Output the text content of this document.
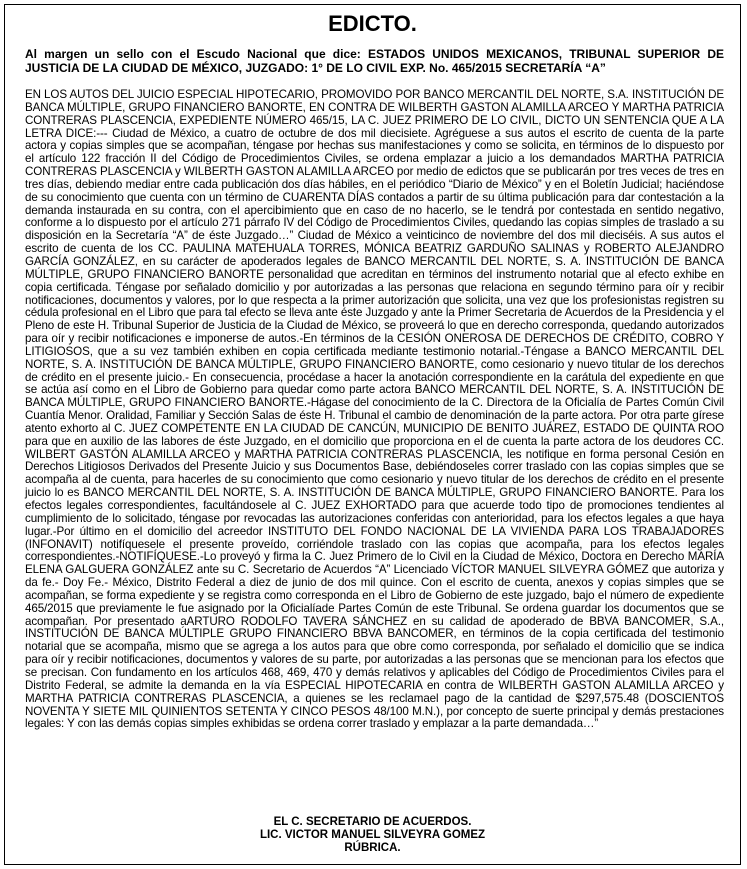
EDICTO.
Al margen un sello con el Escudo Nacional que dice: ESTADOS UNIDOS MEXICANOS, TRIBUNAL SUPERIOR DE JUSTICIA DE LA CIUDAD DE MÉXICO, JUZGADO: 1° DE LO CIVIL EXP. No. 465/2015 SECRETARÍA “A”
EN LOS AUTOS DEL JUICIO ESPECIAL HIPOTECARIO, PROMOVIDO POR BANCO MERCANTIL DEL NORTE, S.A. INSTITUCIÓN DE BANCA MÚLTIPLE, GRUPO FINANCIERO BANORTE, EN CONTRA DE WILBERTH GASTON ALAMILLA ARCEO Y MARTHA PATRICIA CONTRERAS PLASCENCIA, EXPEDIENTE NÚMERO 465/15, LA C. JUEZ PRIMERO DE LO CIVIL, DICTO UN SENTENCIA QUE A LA LETRA DICE:--- Ciudad de México, a cuatro de octubre de dos mil diecisiete. Agréguese a sus autos el escrito de cuenta de la parte actora y copias simples que se acompañan, téngase por hechas sus manifestaciones y como se solicita, en términos de lo dispuesto por el artículo 122 fracción II del Código de Procedimientos Civiles, se ordena emplazar a juicio a los demandados MARTHA PATRICIA CONTRERAS PLASCENCIA y WILBERTH GASTON ALAMILLA ARCEO por medio de edictos que se publicarán por tres veces de tres en tres días, debiendo mediar entre cada publicación dos días hábiles, en el periódico “Diario de México” y en el Boletín Judicial; haciéndose de su conocimiento que cuenta con un término de CUARENTA DÍAS contados a partir de su última publicación para dar contestación a la demanda instaurada en su contra, con el apercibimiento que en caso de no hacerlo, se le tendrá por contestada en sentido negativo, conforme a lo dispuesto por el artículo 271 párrafo IV del Código de Procedimientos Civiles, quedando las copias simples de traslado a su disposición en la Secretaría “A” de éste Juzgado…” Ciudad de México a veinticinco de noviembre del dos mil dieciséis. A sus autos el escrito de cuenta de los CC. PAULINA MATEHUALA TORRES, MÓNICA BEATRIZ GARDUÑO SALINAS y ROBERTO ALEJANDRO GARCÍA GONZÁLEZ, en su carácter de apoderados legales de BANCO MERCANTIL DEL NORTE, S. A. INSTITUCIÓN DE BANCA MÚLTIPLE, GRUPO FINANCIERO BANORTE personalidad que acreditan en términos del instrumento notarial que al efecto exhibe en copia certificada. Téngase por señalado domicilio y por autorizadas a las personas que relaciona en segundo término para oír y recibir notificaciones, documentos y valores, por lo que respecta a la primer autorización que solicita, una vez que los profesionistas registren su cédula profesional en el Libro que para tal efecto se lleva ante éste Juzgado y ante la Primer Secretaria de Acuerdos de la Presidencia y el Pleno de este H. Tribunal Superior de Justicia de la Ciudad de México, se proveerá lo que en derecho corresponda, quedando autorizados para oír y recibir notificaciones e imponerse de autos.-En términos de la CESIÓN ONEROSA DE DERECHOS DE CRÉDITO, COBRO Y LITIGIOSOS, que a su vez también exhiben en copia certificada mediante testimonio notarial.-Téngase a BANCO MERCANTIL DEL NORTE, S. A. INSTITUCIÓN DE BANCA MÚLTIPLE, GRUPO FINANCIERO BANORTE, como cesionario y nuevo titular de los derechos de crédito en el presente juicio.- En consecuencia, procédase a hacer la anotación correspondiente en la carátula del expediente en que se actúa así como en el Libro de Gobierno para quedar como parte actora BANCO MERCANTIL DEL NORTE, S. A. INSTITUCIÓN DE BANCA MÚLTIPLE, GRUPO FINANCIERO BANORTE.-Hágase del conocimiento de la C. Directora de la Oficialía de Partes Común Civil Cuantía Menor. Oralidad, Familiar y Sección Salas de éste H. Tribunal el cambio de denominación de la parte actora. Por otra parte gírese atento exhorto al C. JUEZ COMPETENTE EN LA CIUDAD DE CANCÚN, MUNICIPIO DE BENITO JUÁREZ, ESTADO DE QUINTA ROO para que en auxilio de las labores de éste Juzgado, en el domicilio que proporciona en el de cuenta la parte actora de los deudores CC. WILBERT GASTÓN ALAMILLA ARCEO y MARTHA PATRICIA CONTRERAS PLASCENCIA, les notifique en forma personal Cesión en Derechos Litigiosos Derivados del Presente Juicio y sus Documentos Base, debiéndoseles correr traslado con las copias simples que se acompaña al de cuenta, para hacerles de su conocimiento que como cesionario y nuevo titular de los derechos de crédito en el presente juicio lo es BANCO MERCANTIL DEL NORTE, S. A. INSTITUCIÓN DE BANCA MÚLTIPLE, GRUPO FINANCIERO BANORTE. Para los efectos legales correspondientes, facultándosele al C. JUEZ EXHORTADO para que acuerde todo tipo de promociones tendientes al cumplimiento de lo solicitado, téngase por revocadas las autorizaciones conferidas con anterioridad, para los efectos legales a que haya lugar.-Por último en el domicilio del acreedor INSTITUTO DEL FONDO NACIONAL DE LA VIVIENDA PARA LOS TRABAJADORES (INFONAVIT) notifíquesele el presente proveído, corriéndole traslado con las copias que acompaña, para los efectos legales correspondientes.-NOTIFÍQUESE.-Lo proveyó y firma la C. Juez Primero de lo Civil en la Ciudad de México, Doctora en Derecho MARÍA ELENA GALGUERA GONZÁLEZ ante su C. Secretario de Acuerdos “A” Licenciado VÍCTOR MANUEL SILVEYRA GÓMEZ que autoriza y da fe.- Doy Fe.- México, Distrito Federal a diez de junio de dos mil quince. Con el escrito de cuenta, anexos y copias simples que se acompañan, se forma expediente y se registra como corresponda en el Libro de Gobierno de este juzgado, bajo el número de expediente 465/2015 que previamente le fue asignado por la Oficialíade Partes Común de este Tribunal. Se ordena guardar los documentos que se acompañan. Por presentado aARTURO RODOLFO TAVERA SÁNCHEZ en su calidad de apoderado de BBVA BANCOMER, S.A., INSTITUCIÓN DE BANCA MÚLTIPLE GRUPO FINANCIERO BBVA BANCOMER, en términos de la copia certificada del testimonio notarial que se acompaña, mismo que se agrega a los autos para que obre como corresponda, por señalado el domicilio que se indica para oír y recibir notificaciones, documentos y valores de su parte, por autorizadas a las personas que se mencionan para los efectos que se precisan. Con fundamento en los artículos 468, 469, 470 y demás relativos y aplicables del Código de Procedimientos Civiles para el Distrito Federal, se admite la demanda en la vía ESPECIAL HIPOTECARIA en contra de WILBERTH GASTON ALAMILLA ARCEO y MARTHA PATRICIA CONTRERAS PLASCENCIA, a quienes se les reclamael pago de la cantidad de $297,575.48 (DOSCIENTOS NOVENTA Y SIETE MIL QUINIENTOS SETENTA Y CINCO PESOS 48/100 M.N.), por concepto de suerte principal y demás prestaciones legales: Y con las demás copias simples exhibidas se ordena correr traslado y emplazar a la parte demandada…”
EL C. SECRETARIO DE ACUERDOS.
LIC. VICTOR MANUEL SILVEYRA GOMEZ
RÚBRICA.
